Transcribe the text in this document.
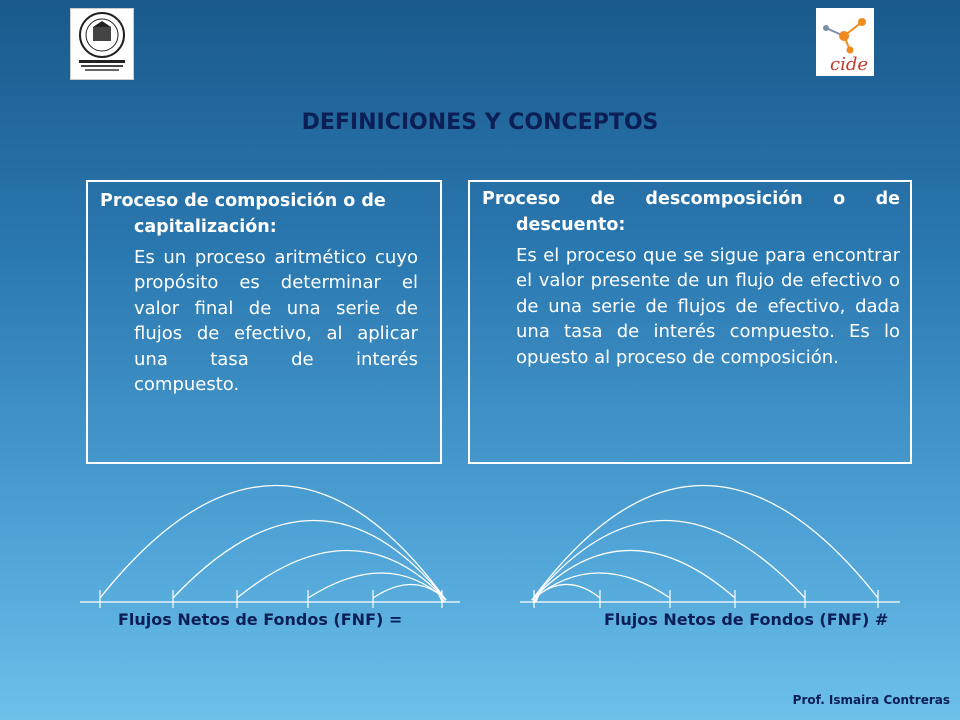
cide
DEFINICIONES Y CONCEPTOS
Proceso de composición o de
capitalización:
Es un proceso aritmético cuyo propósito es determinar el valor final de una serie de flujos de efectivo, al aplicar una tasa de interés compuesto.
Proceso de descomposición o de
descuento:
Es el proceso que se sigue para encontrar el valor presente de un flujo de efectivo o de una serie de flujos de efectivo, dada una tasa de interés compuesto. Es lo opuesto al proceso de composición.
Flujos Netos de Fondos (FNF) =	Flujos Netos de Fondos (FNF) #
Prof. Ismaira Contreras
